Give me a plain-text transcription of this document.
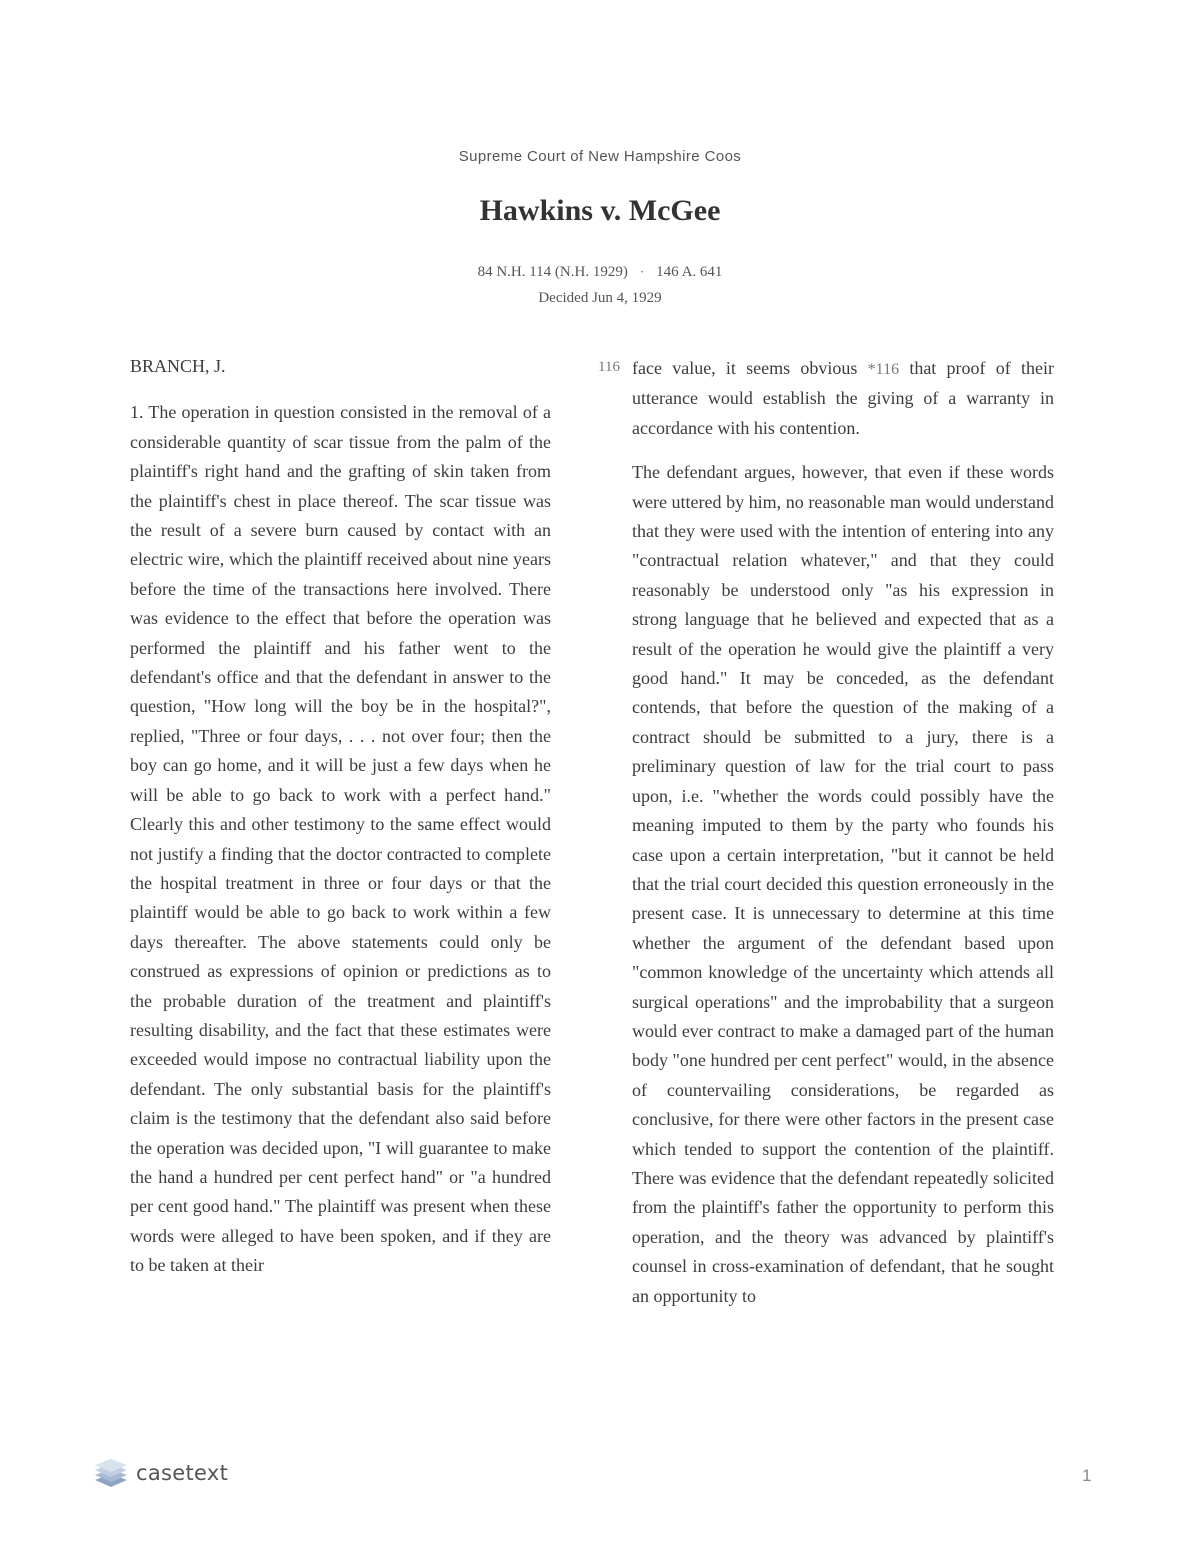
Supreme Court of New Hampshire Coos
Hawkins v. McGee
84 N.H. 114 (N.H. 1929) · 146 A. 641
Decided Jun 4, 1929

BRANCH, J.

1. The operation in question consisted in the removal of a considerable quantity of scar tissue from the palm of the plaintiff's right hand and the grafting of skin taken from the plaintiff's chest in place thereof. The scar tissue was the result of a severe burn caused by contact with an electric wire, which the plaintiff received about nine years before the time of the transactions here involved. There was evidence to the effect that before the operation was performed the plaintiff and his father went to the defendant's office and that the defendant in answer to the question, "How long will the boy be in the hospital?", replied, "Three or four days, . . . not over four; then the boy can go home, and it will be just a few days when he will be able to go back to work with a perfect hand." Clearly this and other testimony to the same effect would not justify a finding that the doctor contracted to complete the hospital treatment in three or four days or that the plaintiff would be able to go back to work within a few days thereafter. The above statements could only be construed as expressions of opinion or predictions as to the probable duration of the treatment and plaintiff's resulting disability, and the fact that these estimates were exceeded would impose no contractual liability upon the defendant. The only substantial basis for the plaintiff's claim is the testimony that the defendant also said before the operation was decided upon, "I will guarantee to make the hand a hundred per cent perfect hand" or "a hundred per cent good hand." The plaintiff was present when these words were alleged to have been spoken, and if they are to be taken at their

116 face value, it seems obvious *116 that proof of their utterance would establish the giving of a warranty in accordance with his contention.

The defendant argues, however, that even if these words were uttered by him, no reasonable man would understand that they were used with the intention of entering into any "contractual relation whatever," and that they could reasonably be understood only "as his expression in strong language that he believed and expected that as a result of the operation he would give the plaintiff a very good hand." It may be conceded, as the defendant contends, that before the question of the making of a contract should be submitted to a jury, there is a preliminary question of law for the trial court to pass upon, i.e. "whether the words could possibly have the meaning imputed to them by the party who founds his case upon a certain interpretation, "but it cannot be held that the trial court decided this question erroneously in the present case. It is unnecessary to determine at this time whether the argument of the defendant based upon "common knowledge of the uncertainty which attends all surgical operations" and the improbability that a surgeon would ever contract to make a damaged part of the human body "one hundred per cent perfect" would, in the absence of countervailing considerations, be regarded as conclusive, for there were other factors in the present case which tended to support the contention of the plaintiff. There was evidence that the defendant repeatedly solicited from the plaintiff's father the opportunity to perform this operation, and the theory was advanced by plaintiff's counsel in cross-examination of defendant, that he sought an opportunity to

casetext	1
